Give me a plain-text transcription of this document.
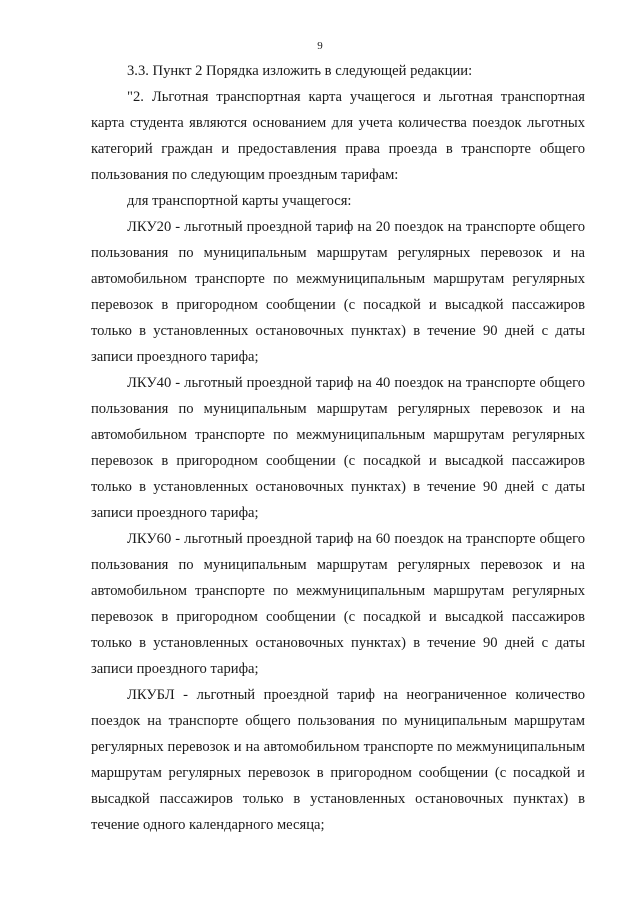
9

3.3. Пункт 2 Порядка изложить в следующей редакции:

"2. Льготная транспортная карта учащегося и льготная транспортная карта студента являются основанием для учета количества поездок льготных категорий граждан и предоставления права проезда в транспорте общего пользования по следующим проездным тарифам:

для транспортной карты учащегося:

ЛКУ20 - льготный проездной тариф на 20 поездок на транспорте общего пользования по муниципальным маршрутам регулярных перевозок и на автомобильном транспорте по межмуниципальным маршрутам регулярных перевозок в пригородном сообщении (с посадкой и высадкой пассажиров только в установленных остановочных пунктах) в течение 90 дней с даты записи проездного тарифа;

ЛКУ40 - льготный проездной тариф на 40 поездок на транспорте общего пользования по муниципальным маршрутам регулярных перевозок и на автомобильном транспорте по межмуниципальным маршрутам регулярных перевозок в пригородном сообщении (с посадкой и высадкой пассажиров только в установленных остановочных пунктах) в течение 90 дней с даты записи проездного тарифа;

ЛКУ60 - льготный проездной тариф на 60 поездок на транспорте общего пользования по муниципальным маршрутам регулярных перевозок и на автомобильном транспорте по межмуниципальным маршрутам регулярных перевозок в пригородном сообщении (с посадкой и высадкой пассажиров только в установленных остановочных пунктах) в течение 90 дней с даты записи проездного тарифа;

ЛКУБЛ - льготный проездной тариф на неограниченное количество поездок на транспорте общего пользования по муниципальным маршрутам регулярных перевозок и на автомобильном транспорте по межмуниципальным маршрутам регулярных перевозок в пригородном сообщении (с посадкой и высадкой пассажиров только в установленных остановочных пунктах) в течение одного календарного месяца;
